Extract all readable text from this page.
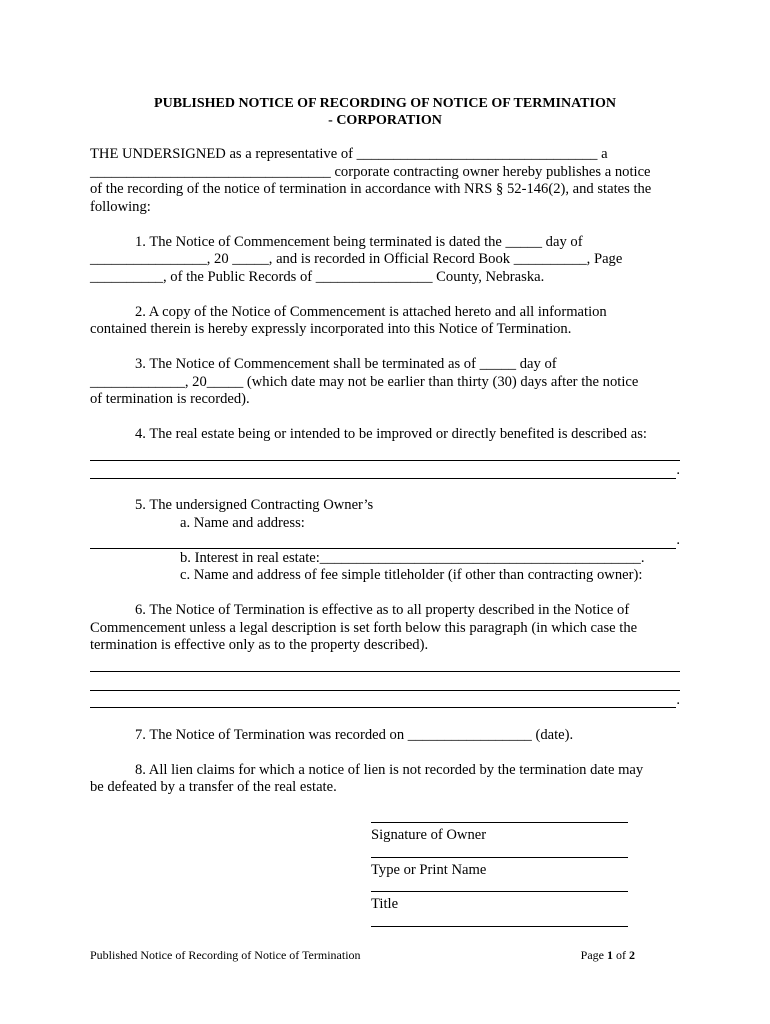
PUBLISHED NOTICE OF RECORDING OF NOTICE OF TERMINATION
- CORPORATION

THE UNDERSIGNED as a representative of _________________________________ a

_________________________________ corporate contracting owner hereby publishes a notice

of the recording of the notice of termination in accordance with NRS § 52-146(2), and states the

following:

1. The Notice of Commencement being terminated is dated the _____ day of

________________, 20 _____, and is recorded in Official Record Book __________, Page

__________, of the Public Records of ________________ County, Nebraska.

2. A copy of the Notice of Commencement is attached hereto and all information

contained therein is hereby expressly incorporated into this Notice of Termination.

3. The Notice of Commencement shall be terminated as of _____ day of

_____________, 20_____ (which date may not be earlier than thirty (30) days after the notice

of termination is recorded).

4. The real estate being or intended to be improved or directly benefited is described as:

.

5. The undersigned Contracting Owner’s

a. Name and address:

.

b. Interest in real estate:____________________________________________.

c. Name and address of fee simple titleholder (if other than contracting owner):

6. The Notice of Termination is effective as to all property described in the Notice of

Commencement unless a legal description is set forth below this paragraph (in which case the

termination is effective only as to the property described).

.

7. The Notice of Termination was recorded on _________________ (date).

8. All lien claims for which a notice of lien is not recorded by the termination date may

be defeated by a transfer of the real estate.

Signature of Owner
Type or Print Name
Title
Published Notice of Recording of Notice of Termination	Page 1 of 2
